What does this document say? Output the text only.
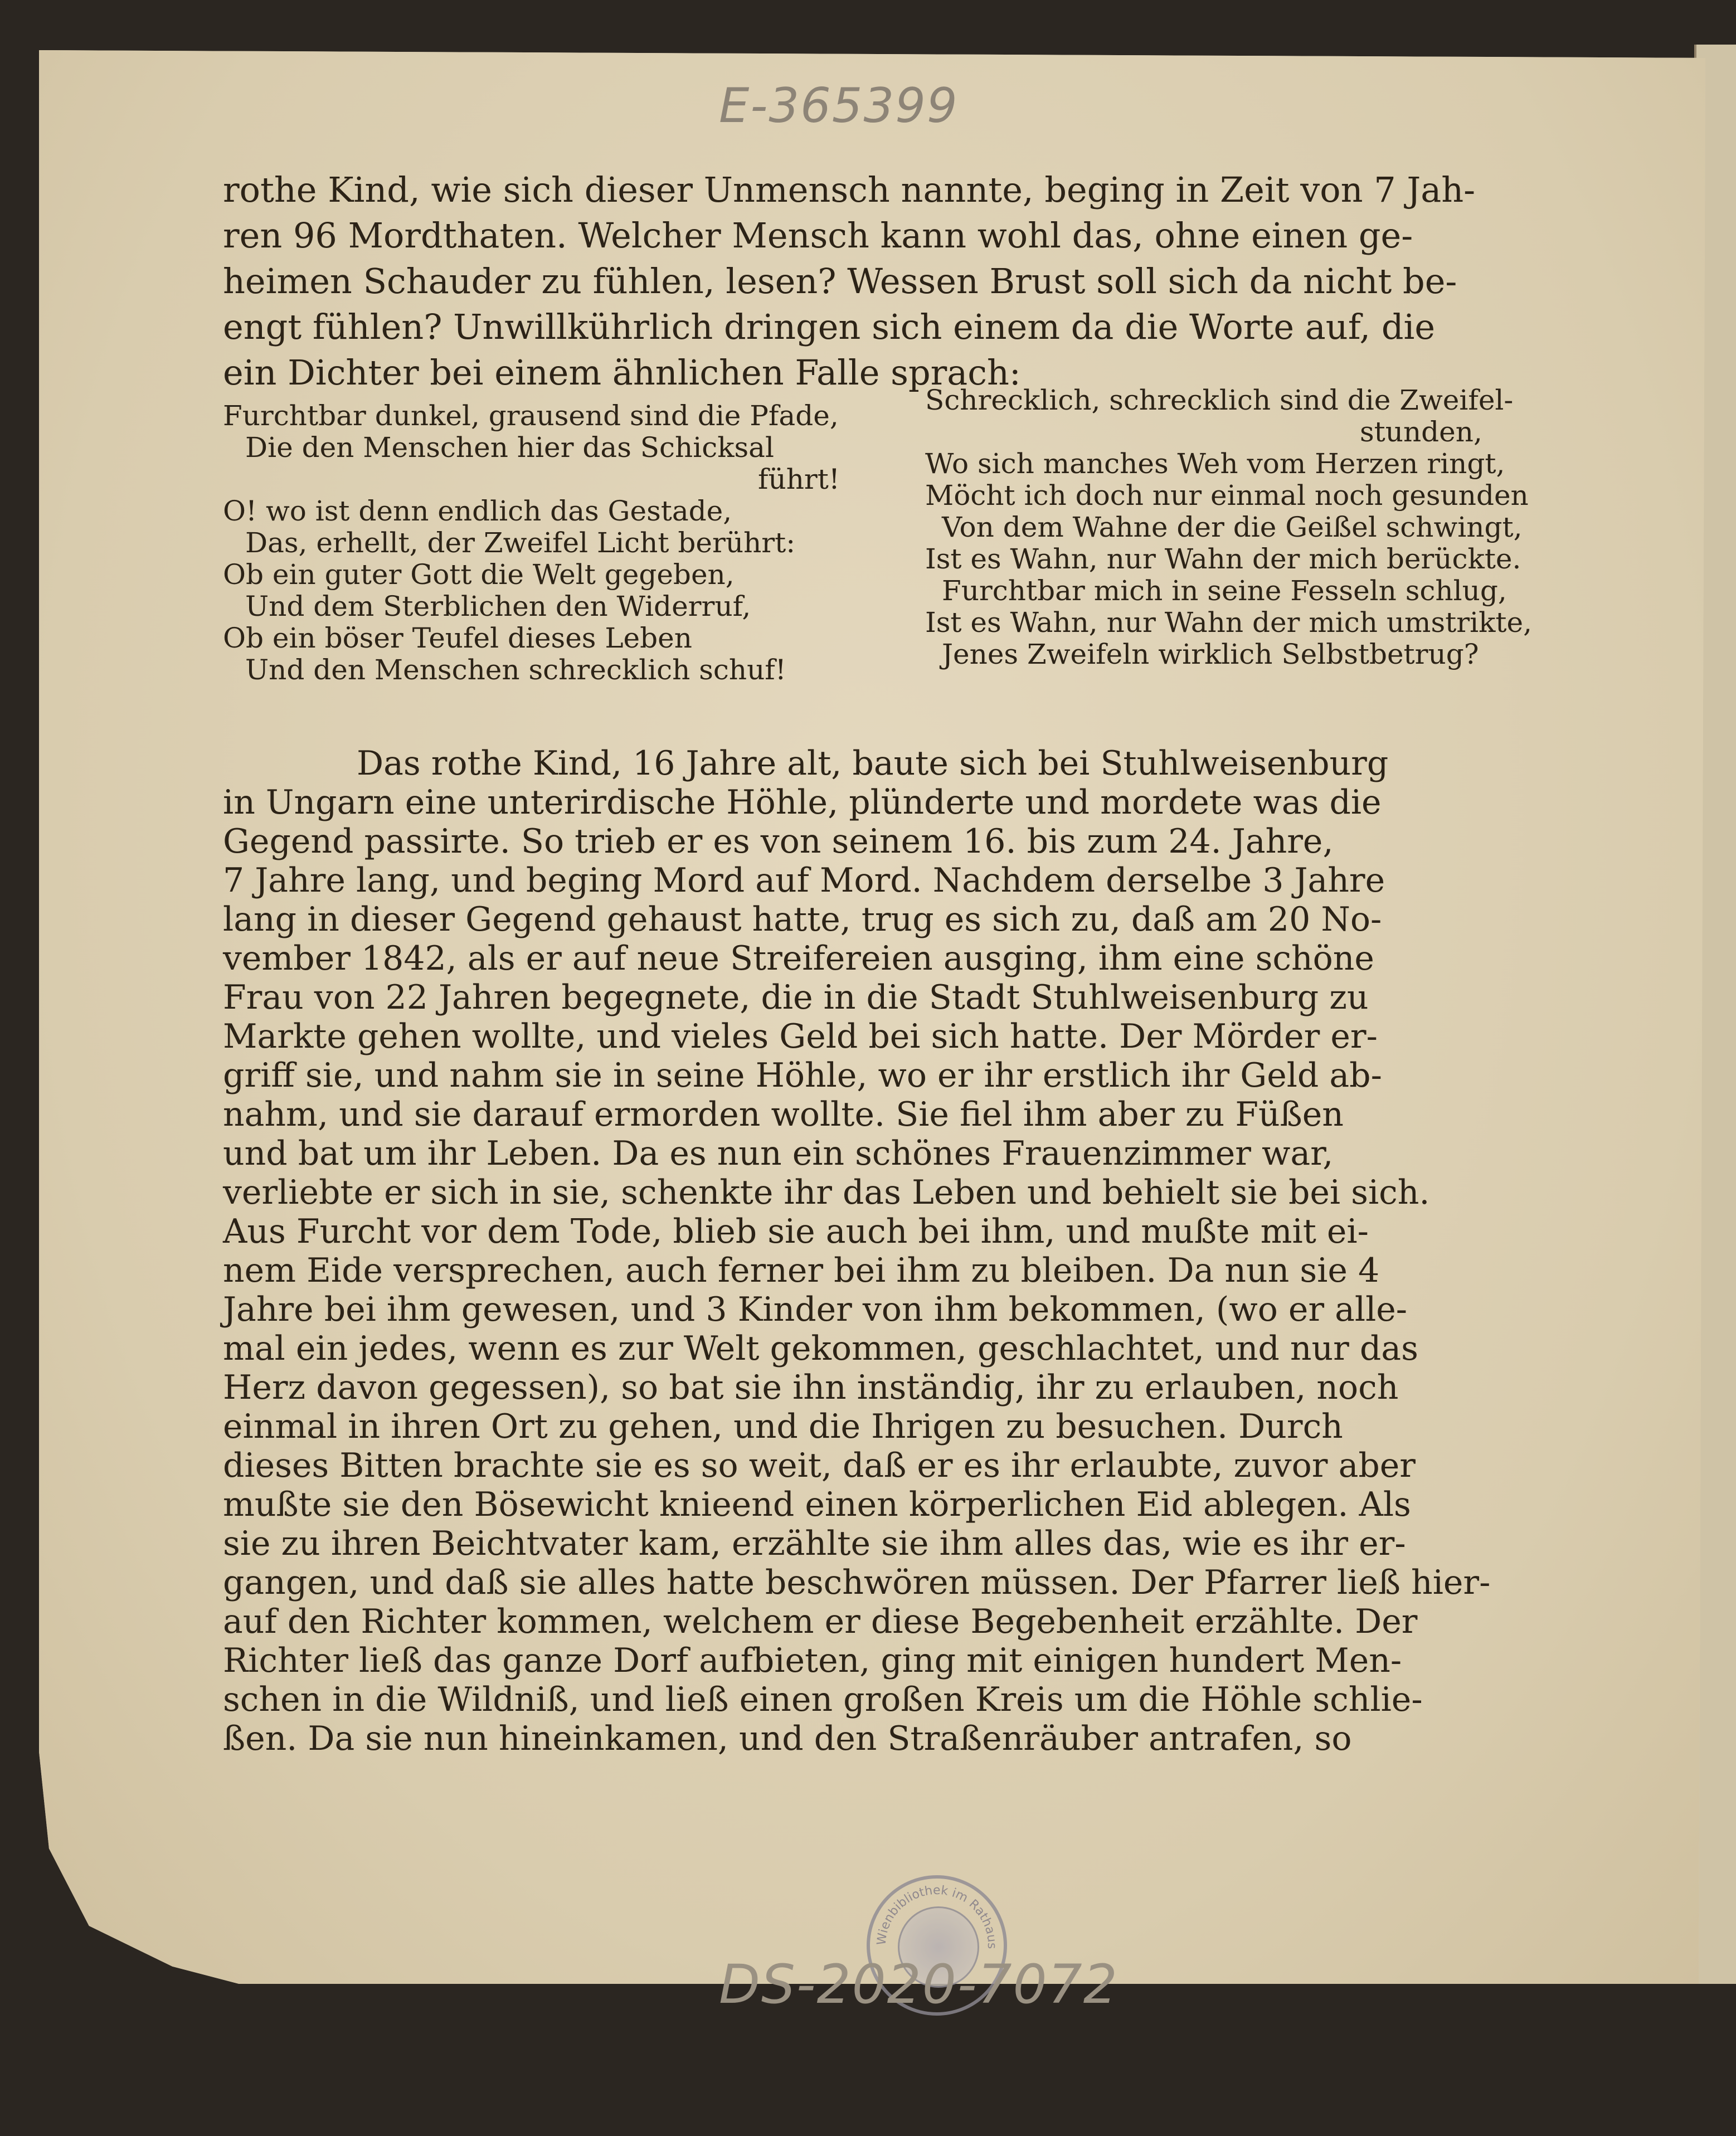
E-365399
rothe Kind, wie sich dieser Unmensch nannte, beging in Zeit von 7 Jah-
ren 96 Mordthaten. Welcher Mensch kann wohl das, ohne einen ge-
heimen Schauder zu fühlen, lesen? Wessen Brust soll sich da nicht be-
engt fühlen? Unwillkührlich dringen sich einem da die Worte auf, die
ein Dichter bei einem ähnlichen Falle sprach:
Furchtbar dunkel, grausend sind die Pfade,
Die den Menschen hier das Schicksal
führt!
O! wo ist denn endlich das Gestade,
Das, erhellt, der Zweifel Licht berührt:
Ob ein guter Gott die Welt gegeben,
Und dem Sterblichen den Widerruf,
Ob ein böser Teufel dieses Leben
Und den Menschen schrecklich schuf!
Schrecklich, schrecklich sind die Zweifel-
stunden,
Wo sich manches Weh vom Herzen ringt,
Möcht ich doch nur einmal noch gesunden
Von dem Wahne der die Geißel schwingt,
Ist es Wahn, nur Wahn der mich berückte.
Furchtbar mich in seine Fesseln schlug,
Ist es Wahn, nur Wahn der mich umstrikte,
Jenes Zweifeln wirklich Selbstbetrug?
Das rothe Kind, 16 Jahre alt, baute sich bei Stuhlweisenburg
in Ungarn eine unterirdische Höhle, plünderte und mordete was die
Gegend passirte. So trieb er es von seinem 16. bis zum 24. Jahre,
7 Jahre lang, und beging Mord auf Mord. Nachdem derselbe 3 Jahre
lang in dieser Gegend gehaust hatte, trug es sich zu, daß am 20 No-
vember 1842, als er auf neue Streifereien ausging, ihm eine schöne
Frau von 22 Jahren begegnete, die in die Stadt Stuhlweisenburg zu
Markte gehen wollte, und vieles Geld bei sich hatte. Der Mörder er-
griff sie, und nahm sie in seine Höhle, wo er ihr erstlich ihr Geld ab-
nahm, und sie darauf ermorden wollte. Sie fiel ihm aber zu Füßen
und bat um ihr Leben. Da es nun ein schönes Frauenzimmer war,
verliebte er sich in sie, schenkte ihr das Leben und behielt sie bei sich.
Aus Furcht vor dem Tode, blieb sie auch bei ihm, und mußte mit ei-
nem Eide versprechen, auch ferner bei ihm zu bleiben. Da nun sie 4
Jahre bei ihm gewesen, und 3 Kinder von ihm bekommen, (wo er alle-
mal ein jedes, wenn es zur Welt gekommen, geschlachtet, und nur das
Herz davon gegessen), so bat sie ihn inständig, ihr zu erlauben, noch
einmal in ihren Ort zu gehen, und die Ihrigen zu besuchen. Durch
dieses Bitten brachte sie es so weit, daß er es ihr erlaubte, zuvor aber
mußte sie den Bösewicht knieend einen körperlichen Eid ablegen. Als
sie zu ihren Beichtvater kam, erzählte sie ihm alles das, wie es ihr er-
gangen, und daß sie alles hatte beschwören müssen. Der Pfarrer ließ hier-
auf den Richter kommen, welchem er diese Begebenheit erzählte. Der
Richter ließ das ganze Dorf aufbieten, ging mit einigen hundert Men-
schen in die Wildniß, und ließ einen großen Kreis um die Höhle schlie-
ßen. Da sie nun hineinkamen, und den Straßenräuber antrafen, so
Wienbibliothek im Rathaus
DS-2020-7072
